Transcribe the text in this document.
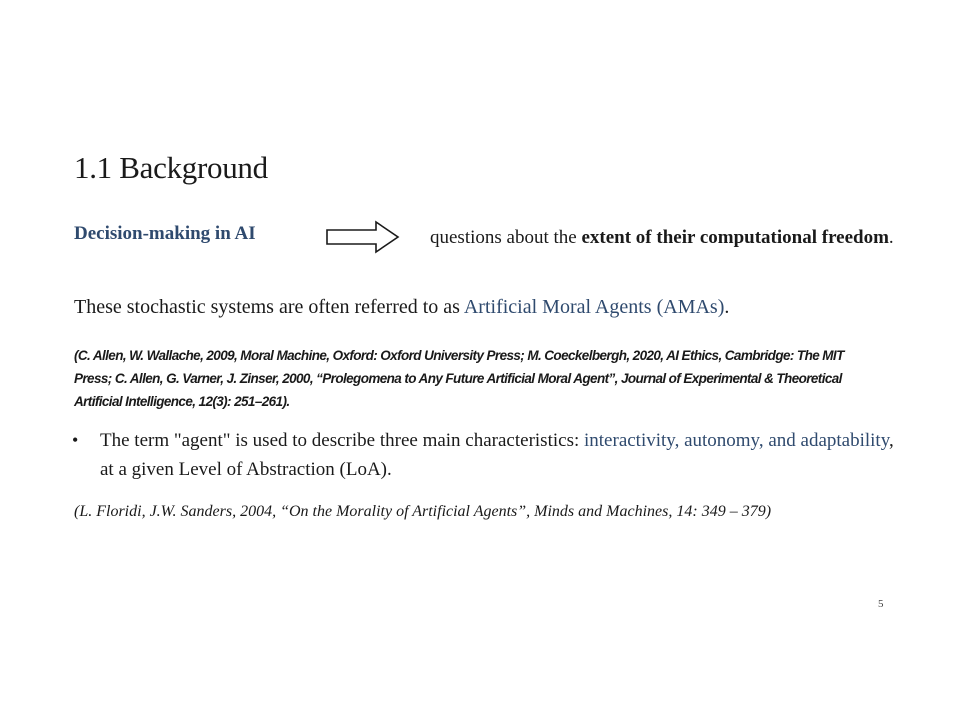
1.1 Background
Decision-making in AI	questions about the extent of their computational freedom.
These stochastic systems are often referred to as Artificial Moral Agents (AMAs).
(C. Allen, W. Wallache, 2009, Moral Machine, Oxford: Oxford University Press; M. Coeckelbergh, 2020, AI Ethics, Cambridge: The MIT Press; C. Allen, G. Varner, J. Zinser, 2000, “Prolegomena to Any Future Artificial Moral Agent”, Journal of Experimental & Theoretical Artificial Intelligence, 12(3): 251–261).
• The term "agent" is used to describe three main characteristics: interactivity, autonomy, and adaptability, at a given Level of Abstraction (LoA).
(L. Floridi, J.W. Sanders, 2004, “On the Morality of Artificial Agents”, Minds and Machines, 14: 349 – 379)
5
